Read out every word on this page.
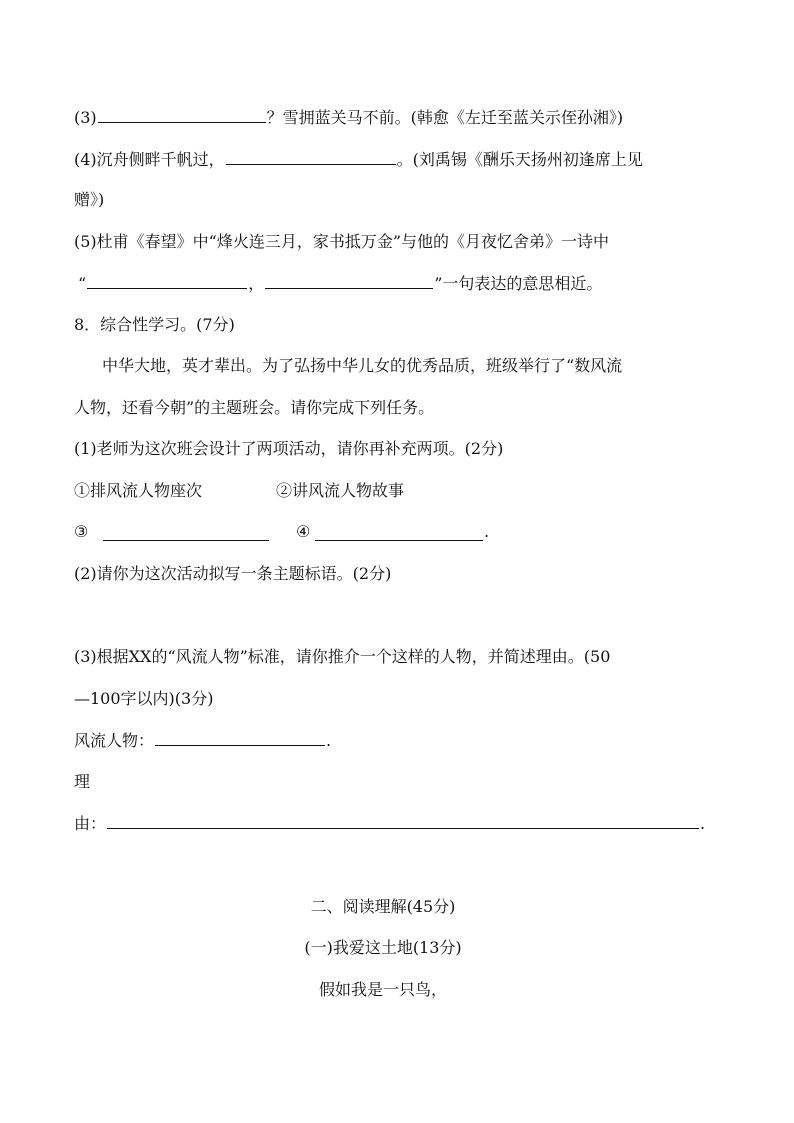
(3)	？雪拥蓝关马不前。(韩愈《左迁至蓝关示侄孙湘》)
(4)沉舟侧畔千帆过，	。(刘禹锡《酬乐天扬州初逢席上见
赠》)
(5)杜甫《春望》中“烽火连三月，家书抵万金”与他的《月夜忆舍弟》一诗中
“	，	”一句表达的意思相近。
8．综合性学习。(7分)
中华大地，英才辈出。为了弘扬中华儿女的优秀品质，班级举行了“数风流
人物，还看今朝”的主题班会。请你完成下列任务。
(1)老师为这次班会设计了两项活动，请你再补充两项。(2分)
①排风流人物座次	②讲风流人物故事
③	④	.
(2)请你为这次活动拟写一条主题标语。(2分)
(3)根据XX的“风流人物”标准，请你推介一个这样的人物，并简述理由。(50
—100字以内)(3分)
风流人物：	.
理
由：	.
二、阅读理解(45分)
(一)我爱这土地(13分)
假如我是一只鸟，
